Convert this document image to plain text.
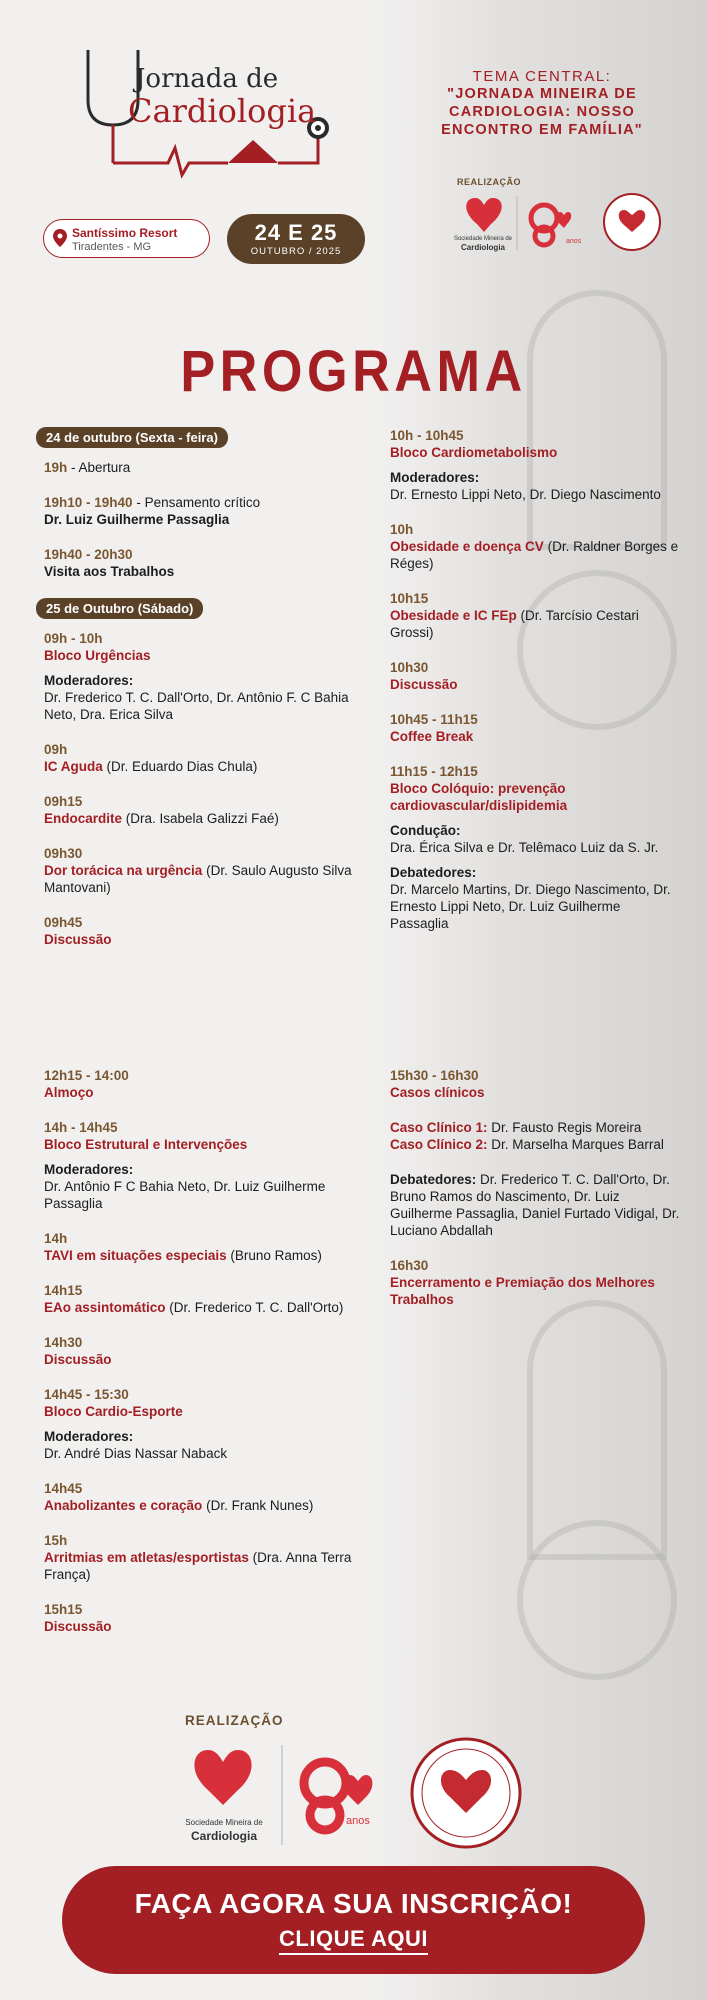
Jornada de
Cardiologia
TEMA CENTRAL:
"JORNADA MINEIRA DE CARDIOLOGIA: NOSSO ENCONTRO EM FAMÍLIA"
REALIZAÇÃO
Sociedade Mineira de
Cardiologia
anos
Santíssimo Resort
Tiradentes - MG
24 E 25
OUTUBRO / 2025
PROGRAMA
24 de outubro (Sexta - feira)
19h - Abertura
19h10 - 19h40 - Pensamento crítico
Dr. Luiz Guilherme Passaglia
19h40 - 20h30
Visita aos Trabalhos
25 de Outubro (Sábado)
09h - 10h
Bloco Urgências
Moderadores:
Dr. Frederico T. C. Dall'Orto, Dr. Antônio F. C Bahia Neto, Dra. Erica Silva
09h
IC Aguda (Dr. Eduardo Dias Chula)
09h15
Endocardite (Dra. Isabela Galizzi Faé)
09h30
Dor torácica na urgência (Dr. Saulo Augusto Silva Mantovani)
09h45
Discussão
10h - 10h45
Bloco Cardiometabolismo
Moderadores:
Dr. Ernesto Lippi Neto, Dr. Diego Nascimento
10h
Obesidade e doença CV (Dr. Raldner Borges e Réges)
10h15
Obesidade e IC FEp (Dr. Tarcísio Cestari Grossi)
10h30
Discussão
10h45 - 11h15
Coffee Break
11h15 - 12h15
Bloco Colóquio: prevenção cardiovascular/dislipidemia
Condução:
Dra. Érica Silva e Dr. Telêmaco Luiz da S. Jr.
Debatedores:
Dr. Marcelo Martins, Dr. Diego Nascimento, Dr. Ernesto Lippi Neto, Dr. Luiz Guilherme Passaglia
12h15 - 14:00
Almoço
14h - 14h45
Bloco Estrutural e Intervenções
Moderadores:
Dr. Antônio F C Bahia Neto, Dr. Luiz Guilherme Passaglia
14h
TAVI em situações especiais (Bruno Ramos)
14h15
EAo assintomático (Dr. Frederico T. C. Dall'Orto)
14h30
Discussão
14h45 - 15:30
Bloco Cardio-Esporte
Moderadores:
Dr. André Dias Nassar Naback
14h45
Anabolizantes e coração (Dr. Frank Nunes)
15h
Arritmias em atletas/esportistas (Dra. Anna Terra França)
15h15
Discussão
15h30 - 16h30
Casos clínicos
Caso Clínico 1: Dr. Fausto Regis Moreira
Caso Clínico 2: Dr. Marselha Marques Barral
Debatedores: Dr. Frederico T. C. Dall'Orto, Dr. Bruno Ramos do Nascimento, Dr. Luiz Guilherme Passaglia, Daniel Furtado Vidigal, Dr. Luciano Abdallah
16h30
Encerramento e Premiação dos Melhores Trabalhos
REALIZAÇÃO
Sociedade Mineira de
Cardiologia
anos
FAÇA AGORA SUA INSCRIÇÃO!
CLIQUE AQUI
